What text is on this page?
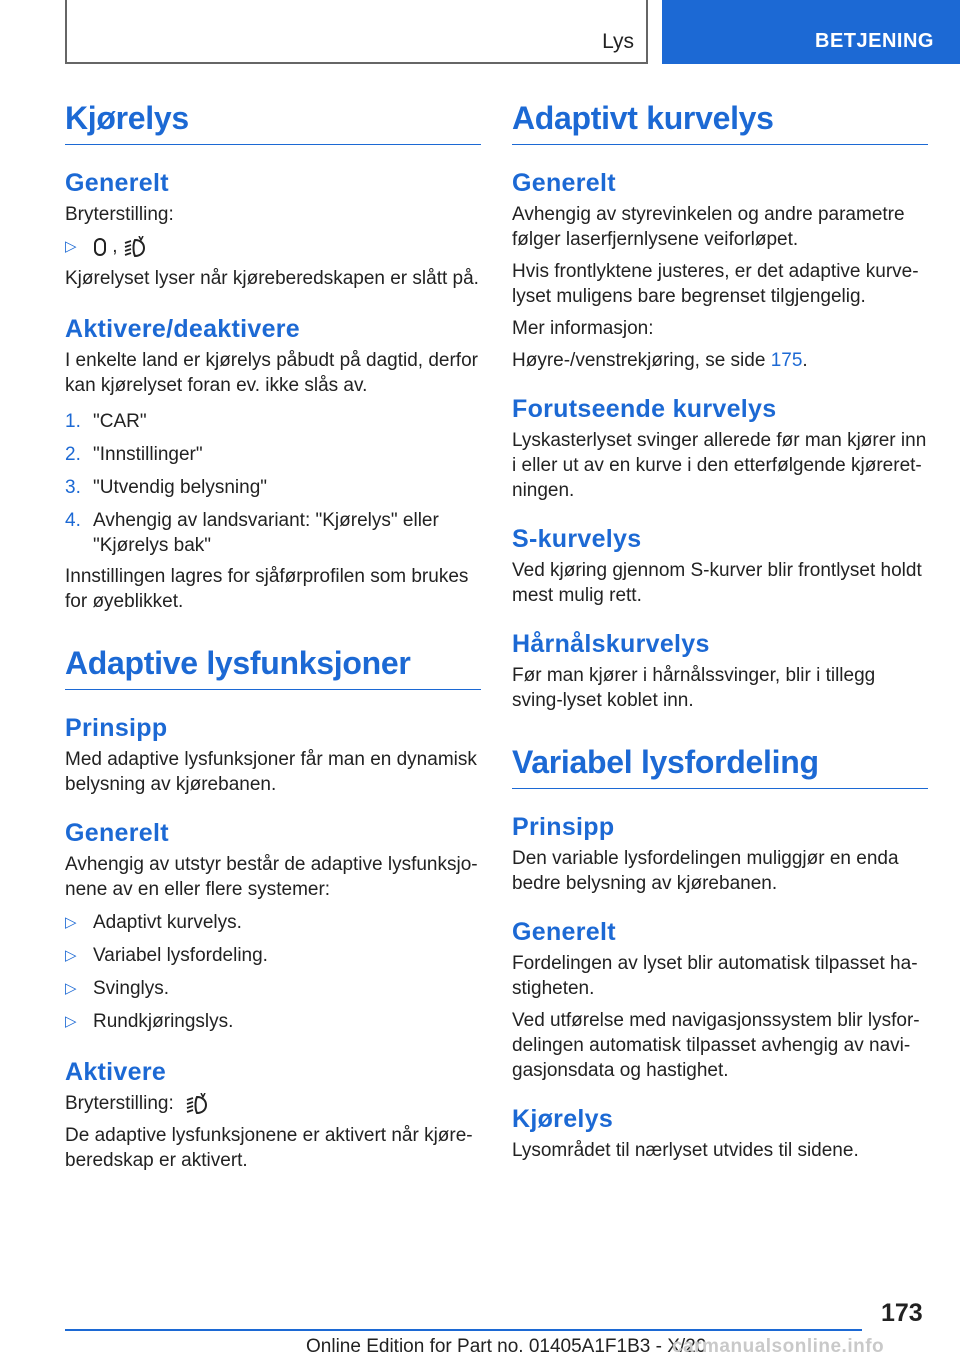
Lys	BETJENING
Kjørelys
Generelt

Bryterstilling:

▷	,

Kjørelyset lyser når kjøreberedskapen er slått på.

Aktivere/deaktivere

I enkelte land er kjørelys påbudt på dagtid, derfor kan kjørelyset foran ev. ikke slås av.

1. "CAR"
2. "Innstillinger"
3. "Utvendig belysning"
4. Avhengig av landsvariant: "Kjørelys" eller "Kjørelys bak"

Innstillingen lagres for sjåførprofilen som brukes for øyeblikket.

Adaptive lysfunksjoner
Prinsipp

Med adaptive lysfunksjoner får man en dynamisk belysning av kjørebanen.

Generelt

Avhengig av utstyr består de adaptive lysfunksjo-nene av en eller flere systemer:

▷ Adaptivt kurvelys.
▷ Variabel lysfordeling.
▷ Svinglys.
▷ Rundkjøringslys.
Aktivere

Bryterstilling:

De adaptive lysfunksjonene er aktivert når kjøre-beredskap er aktivert.

Adaptivt kurvelys
Generelt

Avhengig av styrevinkelen og andre parametre følger laserfjernlysene veiforløpet.

Hvis frontlyktene justeres, er det adaptive kurve-lyset muligens bare begrenset tilgjengelig.

Mer informasjon:

Høyre-/venstrekjøring, se side 175.

Forutseende kurvelys

Lyskasterlyset svinger allerede før man kjører inn i eller ut av en kurve i den etterfølgende kjøreret-ningen.

S-kurvelys

Ved kjøring gjennom S-kurver blir frontlyset holdt mest mulig rett.

Hårnålskurvelys

Før man kjører i hårnålssvinger, blir i tillegg sving-lyset koblet inn.

Variabel lysfordeling
Prinsipp

Den variable lysfordelingen muliggjør en enda bedre belysning av kjørebanen.

Generelt

Fordelingen av lyset blir automatisk tilpasset ha-stigheten.

Ved utførelse med navigasjonssystem blir lysfor-delingen automatisk tilpasset avhengig av navi-gasjonsdata og hastighet.

Kjørelys

Lysområdet til nærlyset utvides til sidene.

173
Online Edition for Part no. 01405A1F1B3 - X/20
carmanualsonline.info
